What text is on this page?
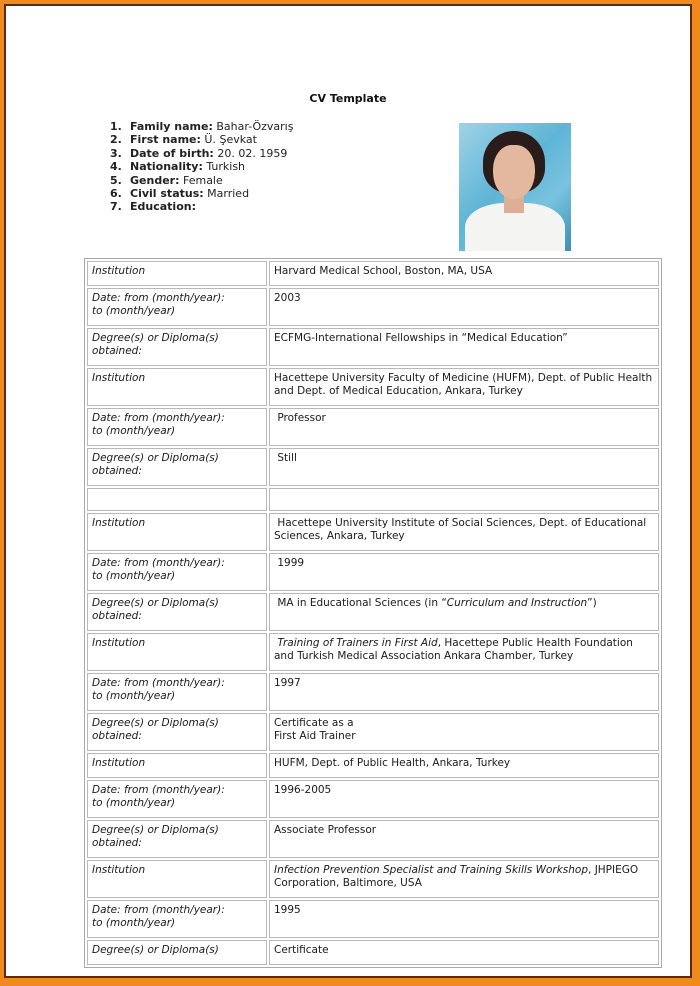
CV Template
1. Family name: Bahar-Özvarış
2. First name: Ü. Şevkat
3. Date of birth: 20. 02. 1959
4. Nationality: Turkish
5. Gender: Female
6. Civil status: Married
7. Education:
Institution	Harvard Medical School, Boston, MA, USA
Date: from (month/year):
to (month/year)	2003
Degree(s) or Diploma(s)
obtained:	ECFMG-International Fellowships in “Medical Education”
Institution	Hacettepe University Faculty of Medicine (HUFM), Dept. of Public Health and Dept. of Medical Education, Ankara, Turkey
Date: from (month/year):
to (month/year)	Professor
Degree(s) or Diploma(s)
obtained:	Still

Institution	Hacettepe University Institute of Social Sciences, Dept. of Educational Sciences, Ankara, Turkey
Date: from (month/year):
to (month/year)	1999
Degree(s) or Diploma(s)
obtained:	MA in Educational Sciences (in “Curriculum and Instruction”)
Institution	Training of Trainers in First Aid, Hacettepe Public Health Foundation and Turkish Medical Association Ankara Chamber, Turkey
Date: from (month/year):
to (month/year)	1997
Degree(s) or Diploma(s)
obtained:	Certificate as a
First Aid Trainer
Institution	HUFM, Dept. of Public Health, Ankara, Turkey
Date: from (month/year):
to (month/year)	1996-2005
Degree(s) or Diploma(s)
obtained:	Associate Professor
Institution	Infection Prevention Specialist and Training Skills Workshop, JHPIEGO Corporation, Baltimore, USA
Date: from (month/year):
to (month/year)	1995
Degree(s) or Diploma(s)	Certificate
